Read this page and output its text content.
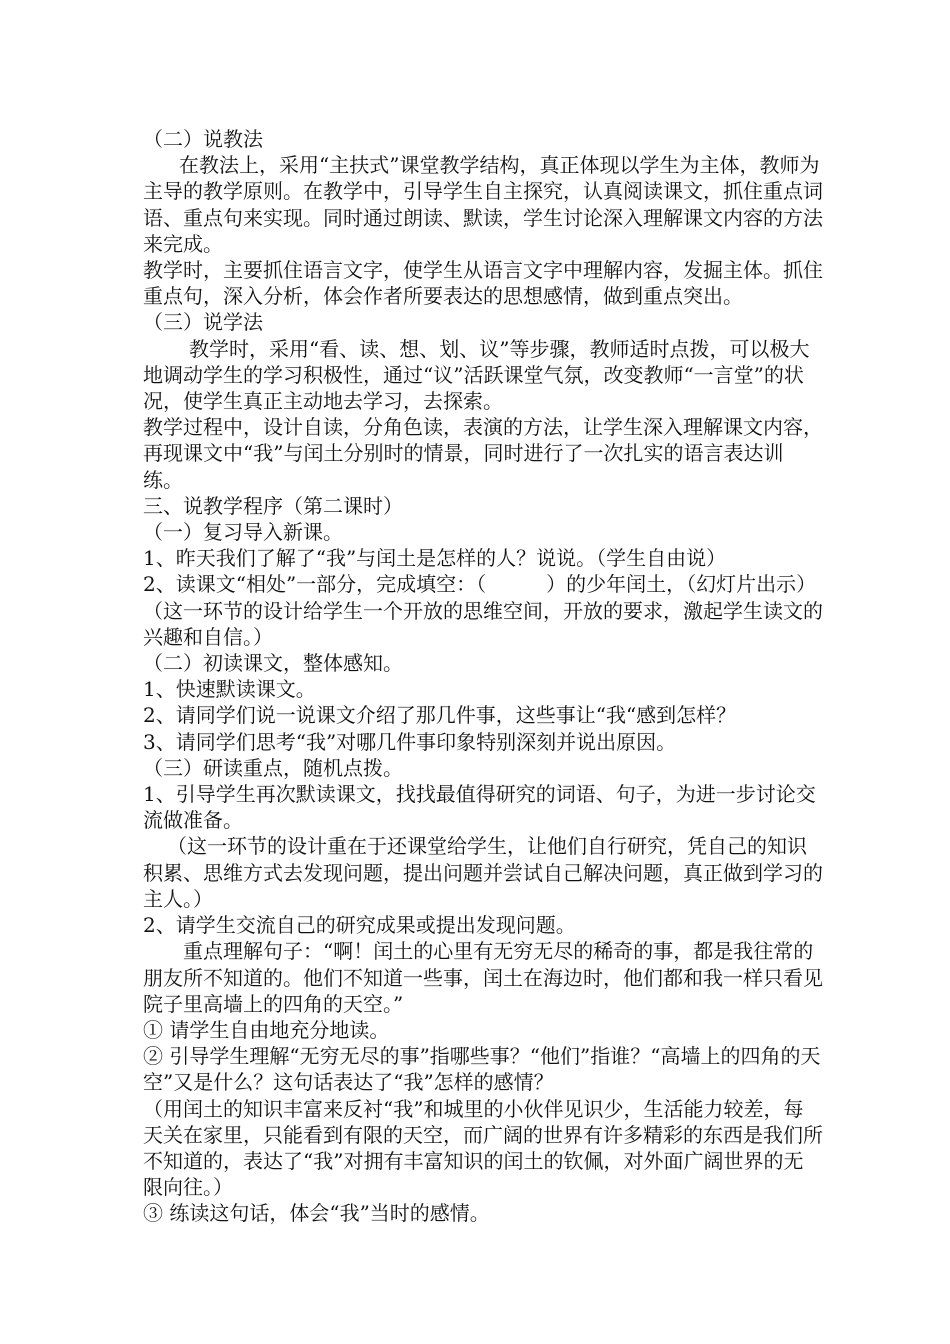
（二）说教法

在教法上，采用“主扶式”课堂教学结构，真正体现以学生为主体，教师为主导的教学原则。在教学中，引导学生自主探究，认真阅读课文，抓住重点词语、重点句来实现。同时通过朗读、默读，学生讨论深入理解课文内容的方法来完成。

教学时，主要抓住语言文字，使学生从语言文字中理解内容，发掘主体。抓住重点句，深入分析，体会作者所要表达的思想感情，做到重点突出。

（三）说学法

教学时，采用“看、读、想、划、议”等步骤，教师适时点拨，可以极大地调动学生的学习积极性，通过“议”活跃课堂气氛，改变教师“一言堂”的状况，使学生真正主动地去学习，去探索。

教学过程中，设计自读，分角色读，表演的方法，让学生深入理解课文内容，再现课文中“我”与闰土分别时的情景，同时进行了一次扎实的语言表达训练。

三、说教学程序（第二课时）

（一）复习导入新课。

1、昨天我们了解了“我”与闰土是怎样的人？说说。（学生自由说）

2、读课文“相处”一部分，完成填空：（　　　）的少年闰土，（幻灯片出示）

（这一环节的设计给学生一个开放的思维空间，开放的要求，激起学生读文的兴趣和自信。）

（二）初读课文，整体感知。

1、快速默读课文。

2、请同学们说一说课文介绍了那几件事，这些事让“我“感到怎样？

3、请同学们思考“我”对哪几件事印象特别深刻并说出原因。

（三）研读重点，随机点拨。

1、引导学生再次默读课文，找找最值得研究的词语、句子，为进一步讨论交流做准备。

（这一环节的设计重在于还课堂给学生，让他们自行研究，凭自己的知识积累、思维方式去发现问题，提出问题并尝试自己解决问题，真正做到学习的主人。）

2、请学生交流自己的研究成果或提出发现问题。

重点理解句子：“啊！闰土的心里有无穷无尽的稀奇的事，都是我往常的朋友所不知道的。他们不知道一些事，闰土在海边时，他们都和我一样只看见院子里高墙上的四角的天空。”

① 请学生自由地充分地读。

② 引导学生理解“无穷无尽的事”指哪些事？“他们”指谁？“高墙上的四角的天空”又是什么？这句话表达了“我”怎样的感情？

（用闰土的知识丰富来反衬“我”和城里的小伙伴见识少，生活能力较差，每天关在家里，只能看到有限的天空，而广阔的世界有许多精彩的东西是我们所不知道的，表达了“我”对拥有丰富知识的闰土的钦佩，对外面广阔世界的无限向往。）

③ 练读这句话，体会“我”当时的感情。
